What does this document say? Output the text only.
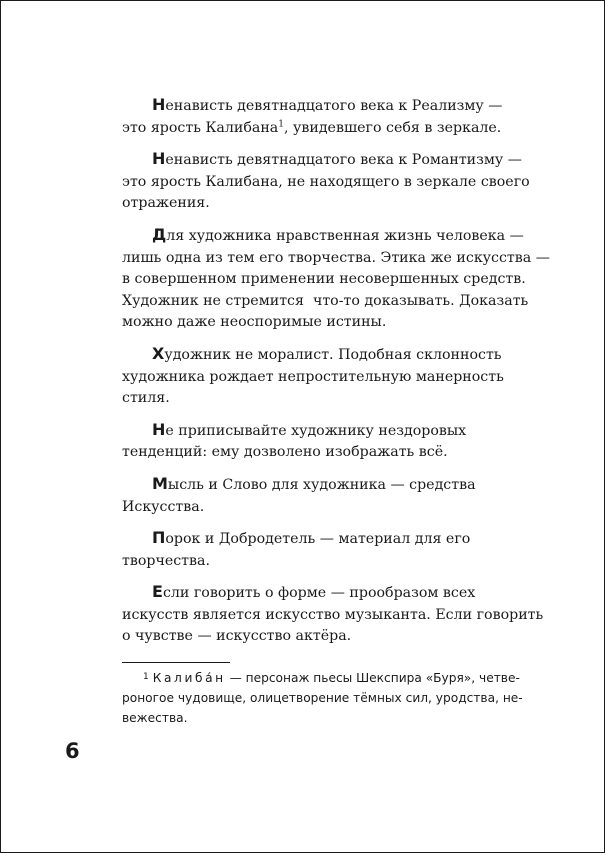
Ненависть девятнадцатого века к Реализму —
это ярость Калибана$^1$, увидевшего себя в зеркале.

Ненависть девятнадцатого века к Романтизму —
это ярость Калибана, не находящего в зеркале своего
отражения.

Для художника нравственная жизнь человека —
лишь одна из тем его творчества. Этика же искусства —
в совершенном применении несовершенных средств.
Художник не стремится  что-то доказывать. Доказать
можно даже неоспоримые истины.

Художник не моралист. Подобная склонность
художника рождает непростительную манерность
стиля.

Не приписывайте художнику нездоровых
тенденций: ему дозволено изображать всё.

Мысль и Слово для художника — средства
Искусства.

Порок и Добродетель — материал для его
творчества.

Если говорить о форме — прообразом всех
искусств является искусство музыканта. Если говорить
о чувстве — искусство актёра.

$^1$ Калиба́н — персонаж пьесы Шекспира «Буря», четве-
роногое чудовище, олицетворение тёмных сил, уродства, не-
вежества.
6
